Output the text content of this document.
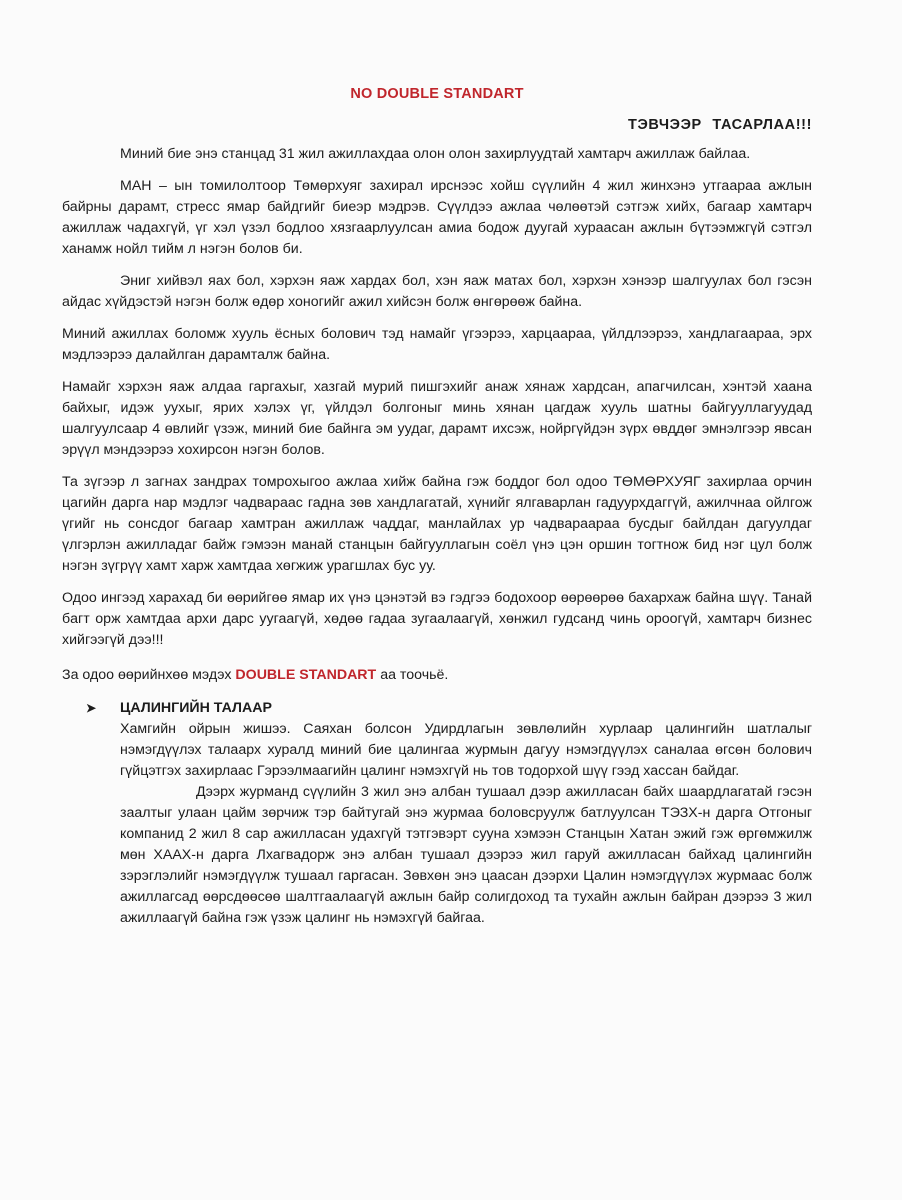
NO DOUBLE STANDART
ТЭВЧЭЭР ТАСАРЛАА!!!

Миний бие энэ станцад 31 жил ажиллахдаа олон олон захирлуудтай хамтарч ажиллаж байлаа.

МАН – ын томилолтоор Төмөрхуяг захирал ирснээс хойш сүүлийн 4 жил жинхэнэ утгаараа ажлын байрны дарамт, стресс ямар байдгийг биеэр мэдрэв. Сүүлдээ ажлаа чөлөөтэй сэтгэж хийх, багаар хамтарч ажиллаж чадахгүй, үг хэл үзэл бодлоо хязгаарлуулсан амиа бодож дуугай хураасан ажлын бүтээмжгүй сэтгэл ханамж нойл тийм л нэгэн болов би.

Эниг хийвэл яах бол, хэрхэн яаж хардах бол, хэн яаж матах бол, хэрхэн хэнээр шалгуулах бол гэсэн айдас хүйдэстэй нэгэн болж өдөр хоногийг ажил хийсэн болж өнгөрөөж байна.

Миний ажиллах боломж хууль ёсных болович тэд намайг үгээрээ, харцаараа, үйлдлээрээ, хандлагаараа, эрх мэдлээрээ далайлган дарамталж байна.

Намайг хэрхэн яаж алдаа гаргахыг, хазгай мурий пишгэхийг анаж хянаж хардсан, апагчилсан, хэнтэй хаана байхыг, идэж уухыг, ярих хэлэх үг, үйлдэл болгоныг минь хянан цагдаж хууль шатны байгууллагуудад шалгуулсаар 4 өвлийг үзэж, миний бие байнга эм уудаг, дарамт ихсэж, нойргүйдэн зүрх өвддөг эмнэлгээр явсан эрүүл мэндээрээ хохирсон нэгэн болов.

Та зүгээр л загнах зандрах томрохыгоо ажлаа хийж байна гэж боддог бол одоо ТӨМӨРХУЯГ захирлаа орчин цагийн дарга нар мэдлэг чадвараас гадна зөв хандлагатай, хүнийг ялгаварлан гадуурхдаггүй, ажилчнаа ойлгож үгийг нь сонсдог багаар хамтран ажиллаж чаддаг, манлайлах ур чадвараараа бусдыг байлдан дагуулдаг үлгэрлэн ажилладаг байж гэмээн манай станцын байгууллагын соёл үнэ цэн оршин тогтнож бид нэг цул болж нэгэн зүгрүү хамт харж хамтдаа хөгжиж урагшлах бус уу.

Одоо ингээд харахад би өөрийгөө ямар их үнэ цэнэтэй вэ гэдгээ бодохоор өөрөөрөө бахархаж байна шүү. Танай бaгт орж хамтдаа архи дарс уугаагүй, хөдөө гадаа зугаалаагүй, хөнжил гудсанд чинь ороогүй, хамтарч бизнес хийгээгүй дээ!!!

За одоо өөрийнхөө мэдэх DOUBLE STANDART аа тоочьё.

➤	ЦАЛИНГИЙН ТАЛААР

Хамгийн ойрын жишээ. Саяхан болсон Удирдлагын зөвлөлийн хурлаар цалингийн шатлалыг нэмэгдүүлэх талаарх хуралд миний бие цалингаа журмын дагуу нэмэгдүүлэх саналаа өгсөн болович гүйцэтгэх захирлаас Гэрээлмаагийн цалинг нэмэхгүй нь тов тодорхой шүү гээд хассан байдаг.

Дээрх журманд сүүлийн 3 жил энэ албан тушаал дээр ажилласан байх шаардлагатай гэсэн заалтыг улаан цайм зөрчиж тэр байтугай энэ журмаа боловсруулж батлуулсан ТЭЗХ-н дарга Отгоныг компанид 2 жил 8 сар ажилласан удахгүй тэтгэвэрт суунa хэмээн Станцын Хатан эжий гэж өргөмжилж мөн ХААХ-н дарга Лхагвадорж энэ албан тушаал дээрээ жил гаруй ажилласан байхад цалингийн зэрэглэлийг нэмэгдүүлж тушаал гаргасан. Зөвхөн энэ цаасан дээрхи Цалин нэмэгдүүлэх журмаас болж ажиллагсад өөрсдөөсөө шалтгаалаагүй ажлын байр солигдоход та тухайн ажлын байран дээрээ 3 жил ажиллаагүй байна гэж үзэж цалинг нь нэмэхгүй байгаа.
